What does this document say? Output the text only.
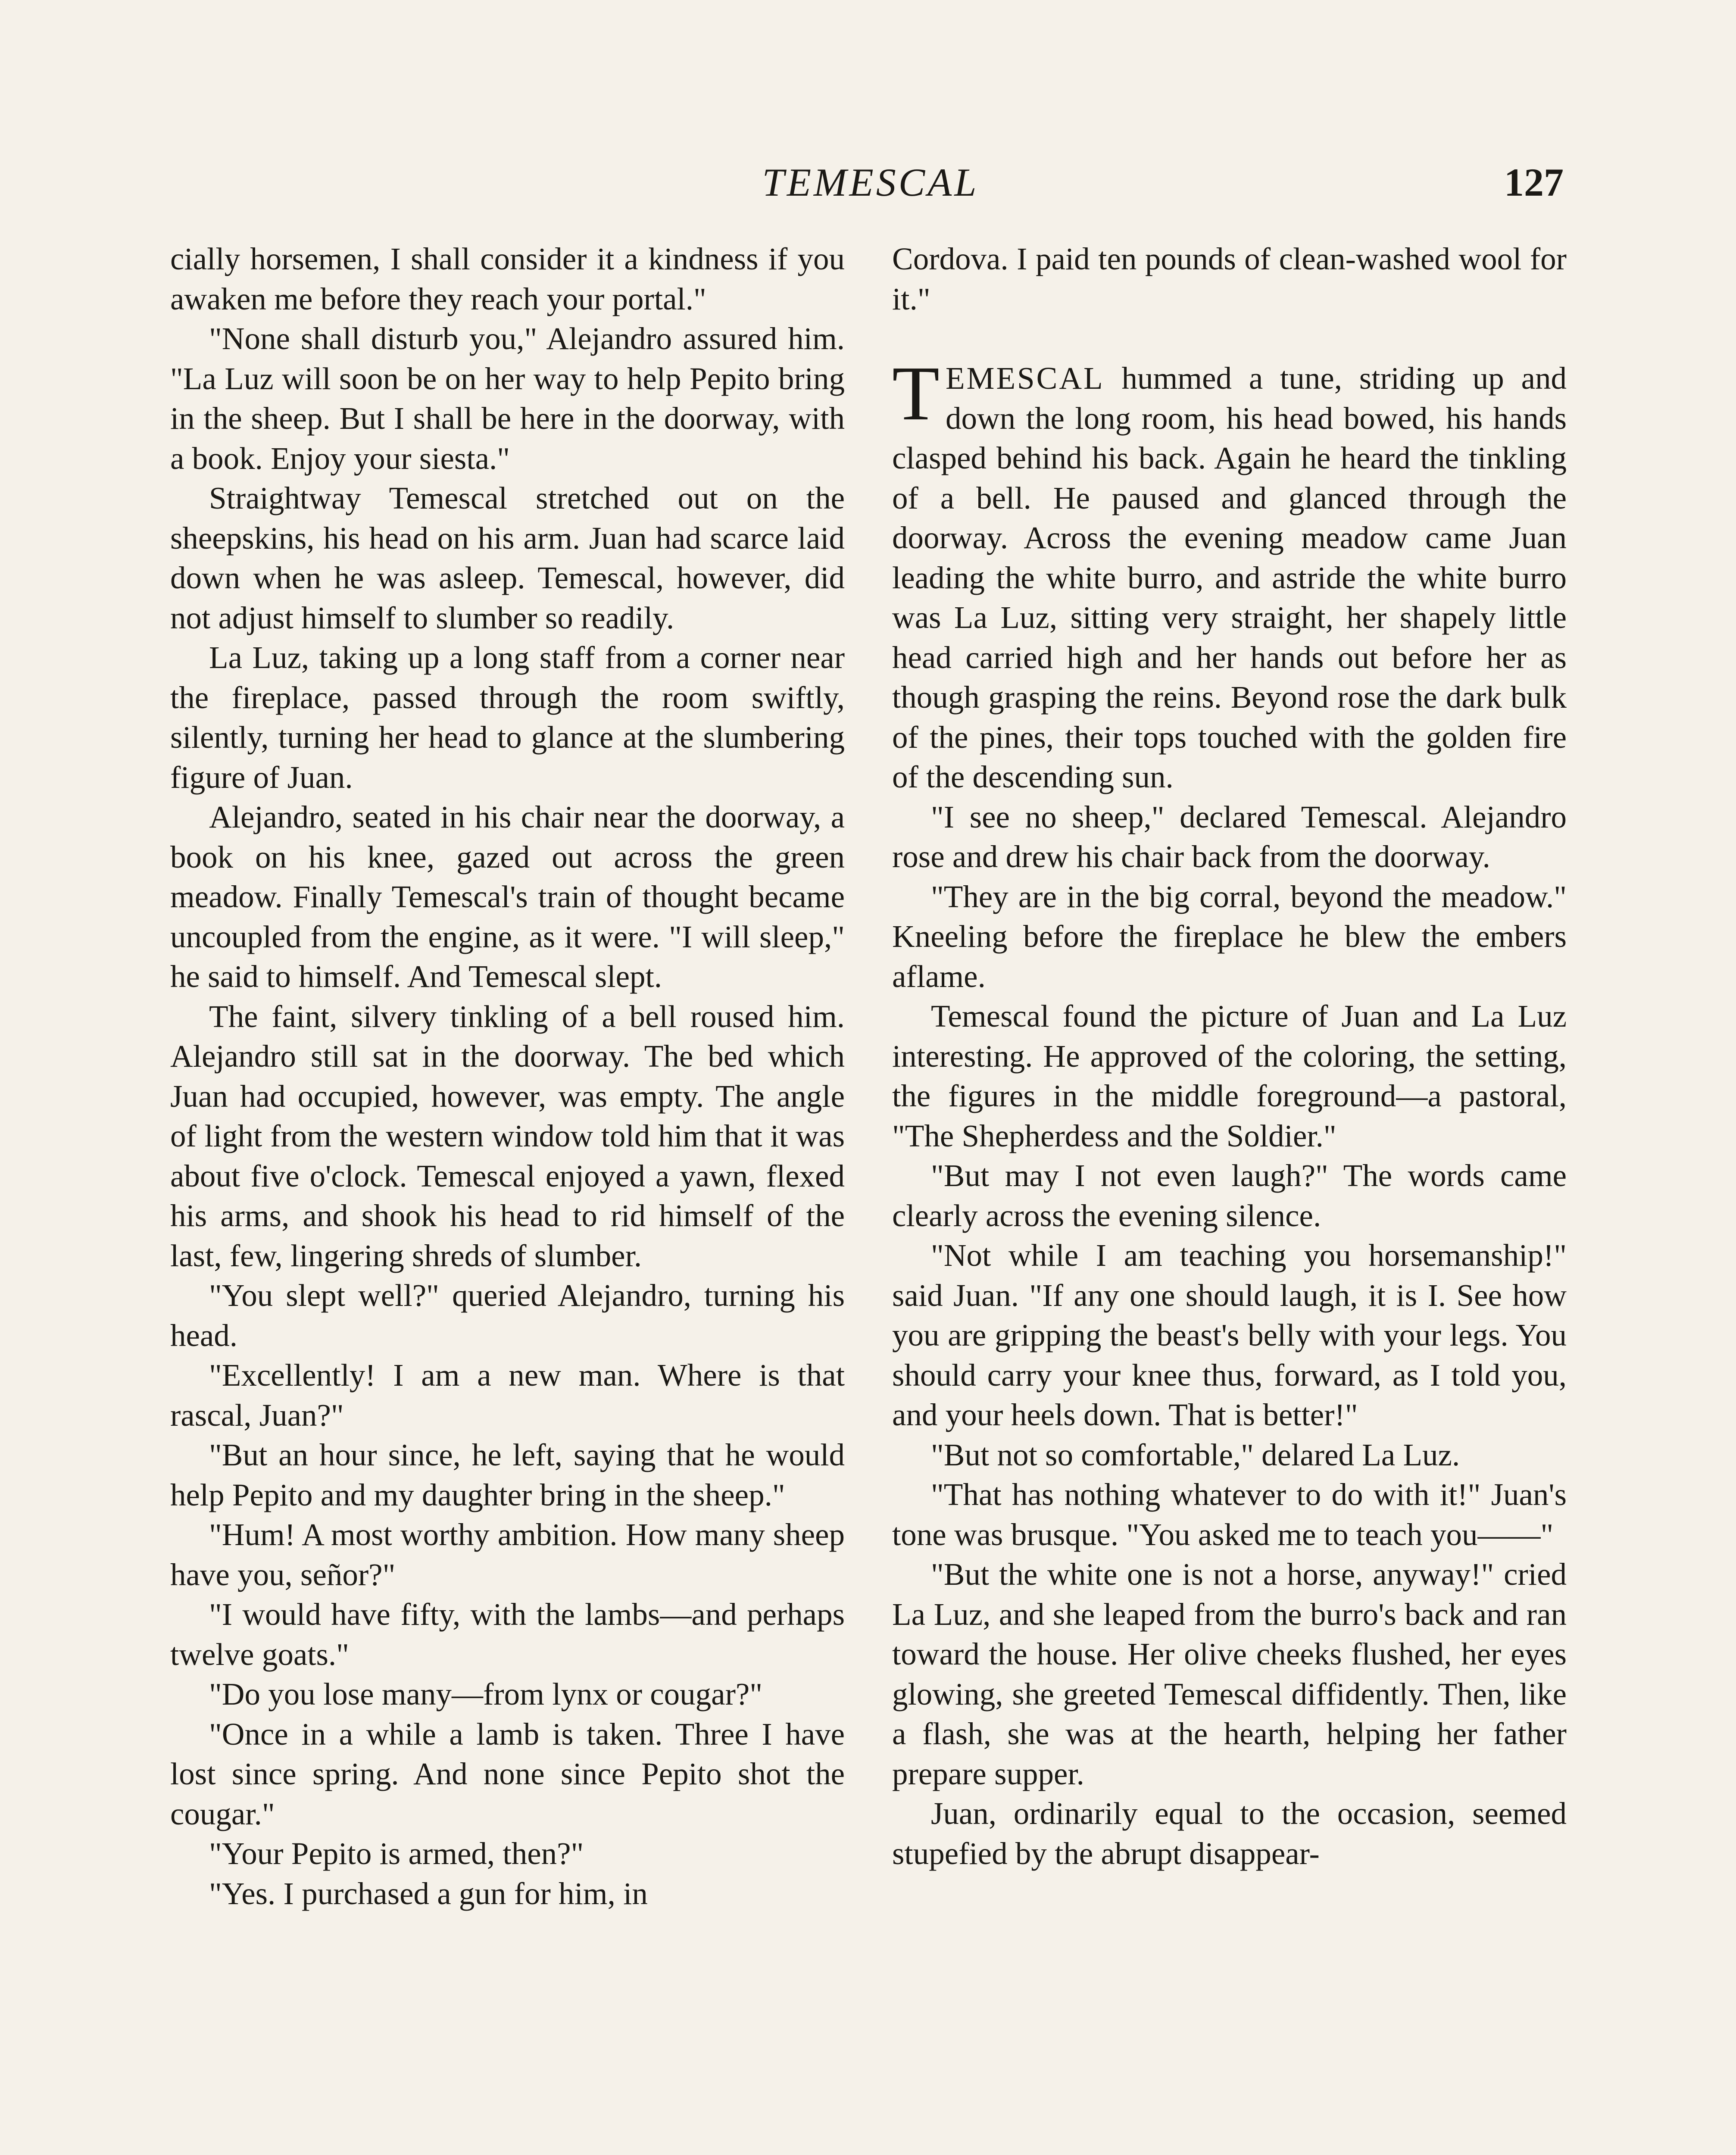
TEMESCAL	127

cially horsemen, I shall consider it a kindness if you awaken me before they reach your portal."

"None shall disturb you," Alejandro assured him. "La Luz will soon be on her way to help Pepito bring in the sheep. But I shall be here in the doorway, with a book. Enjoy your siesta."

Straightway Temescal stretched out on the sheepskins, his head on his arm. Juan had scarce laid down when he was asleep. Temescal, however, did not adjust himself to slumber so readily.

La Luz, taking up a long staff from a corner near the fireplace, passed through the room swiftly, silently, turning her head to glance at the slumbering figure of Juan.

Alejandro, seated in his chair near the doorway, a book on his knee, gazed out across the green meadow. Finally Temescal's train of thought became uncoupled from the engine, as it were. "I will sleep," he said to himself. And Temescal slept.

The faint, silvery tinkling of a bell roused him. Alejandro still sat in the doorway. The bed which Juan had occupied, however, was empty. The angle of light from the western window told him that it was about five o'clock. Temescal enjoyed a yawn, flexed his arms, and shook his head to rid himself of the last, few, lingering shreds of slumber.

"You slept well?" queried Alejandro, turning his head.

"Excellently! I am a new man. Where is that rascal, Juan?"

"But an hour since, he left, saying that he would help Pepito and my daughter bring in the sheep."

"Hum! A most worthy ambition. How many sheep have you, señor?"

"I would have fifty, with the lambs—and perhaps twelve goats."

"Do you lose many—from lynx or cougar?"

"Once in a while a lamb is taken. Three I have lost since spring. And none since Pepito shot the cougar."

"Your Pepito is armed, then?"

"Yes. I purchased a gun for him, in

Cordova. I paid ten pounds of clean-washed wool for it."

TEMESCAL hummed a tune, striding up and down the long room, his head bowed, his hands clasped behind his back. Again he heard the tinkling of a bell. He paused and glanced through the doorway. Across the evening meadow came Juan leading the white burro, and astride the white burro was La Luz, sitting very straight, her shapely little head carried high and her hands out before her as though grasping the reins. Beyond rose the dark bulk of the pines, their tops touched with the golden fire of the descending sun.

"I see no sheep," declared Temescal. Alejandro rose and drew his chair back from the doorway.

"They are in the big corral, beyond the meadow." Kneeling before the fireplace he blew the embers aflame.

Temescal found the picture of Juan and La Luz interesting. He approved of the coloring, the setting, the figures in the middle foreground—a pastoral, "The Shepherdess and the Soldier."

"But may I not even laugh?" The words came clearly across the evening silence.

"Not while I am teaching you horsemanship!" said Juan. "If any one should laugh, it is I. See how you are gripping the beast's belly with your legs. You should carry your knee thus, forward, as I told you, and your heels down. That is better!"

"But not so comfortable," delared La Luz.

"That has nothing whatever to do with it!" Juan's tone was brusque. "You asked me to teach you——"

"But the white one is not a horse, anyway!" cried La Luz, and she leaped from the burro's back and ran toward the house. Her olive cheeks flushed, her eyes glowing, she greeted Temescal diffidently. Then, like a flash, she was at the hearth, helping her father prepare supper.

Juan, ordinarily equal to the occasion, seemed stupefied by the abrupt disappear-
